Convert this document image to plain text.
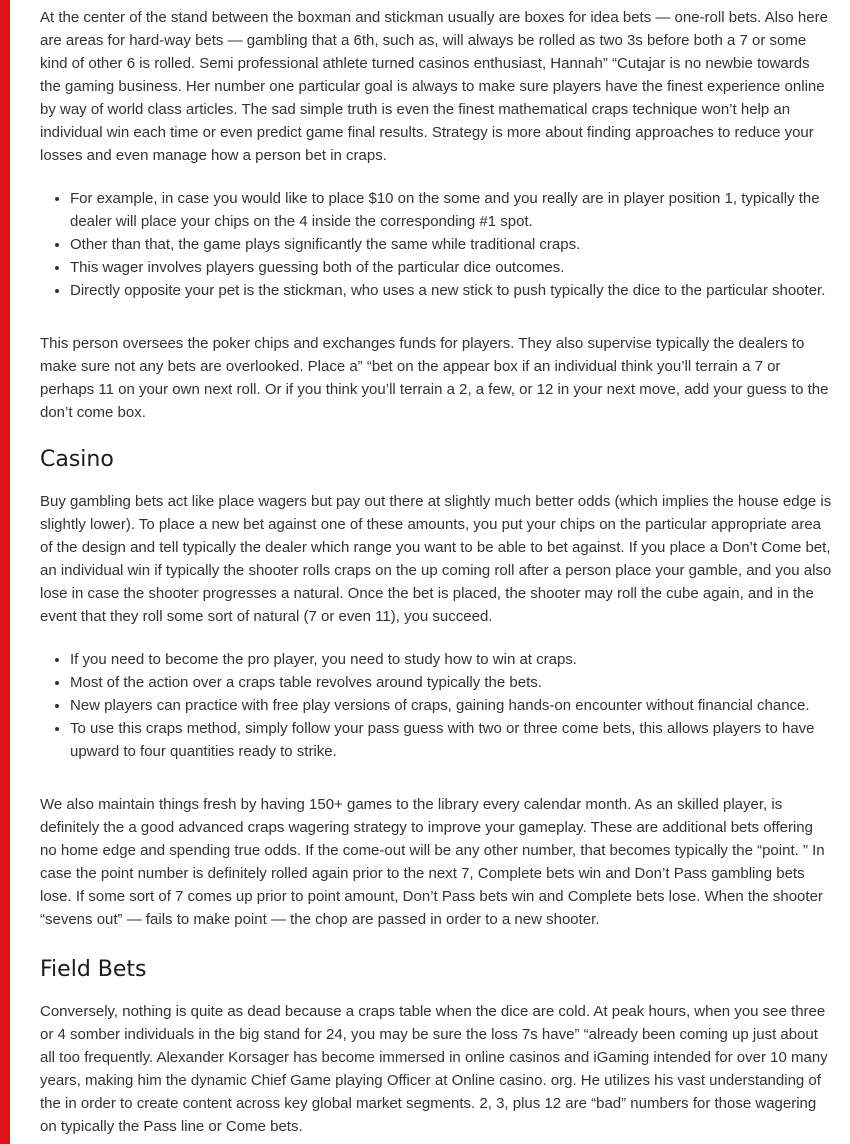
At the center of the stand between the boxman and stickman usually are boxes for idea bets — one-roll bets. Also here are areas for hard-way bets — gambling that a 6th, such as, will always be rolled as two 3s before both a 7 or some kind of other 6 is rolled. Semi professional athlete turned casinos enthusiast, Hannah” “Cutajar is no newbie towards the gaming business. Her number one particular goal is always to make sure players have the finest experience online by way of world class articles. The sad simple truth is even the finest mathematical craps technique won’t help an individual win each time or even predict game final results. Strategy is more about finding approaches to reduce your losses and even manage how a person bet in craps.

• For example, in case you would like to place $10 on the some and you really are in player position 1, typically the dealer will place your chips on the 4 inside the corresponding #1 spot.
• Other than that, the game plays significantly the same while traditional craps.
• This wager involves players guessing both of the particular dice outcomes.
• Directly opposite your pet is the stickman, who uses a new stick to push typically the dice to the particular shooter.

This person oversees the poker chips and exchanges funds for players. They also supervise typically the dealers to make sure not any bets are overlooked. Place a” “bet on the appear box if an individual think you’ll terrain a 7 or perhaps 11 on your own next roll. Or if you think you’ll terrain a 2, a few, or 12 in your next move, add your guess to the don’t come box.

Casino

Buy gambling bets act like place wagers but pay out there at slightly much better odds (which implies the house edge is slightly lower). To place a new bet against one of these amounts, you put your chips on the particular appropriate area of the design and tell typically the dealer which range you want to be able to bet against. If you place a Don’t Come bet, an individual win if typically the shooter rolls craps on the up coming roll after a person place your gamble, and you also lose in case the shooter progresses a natural. Once the bet is placed, the shooter may roll the cube again, and in the event that they roll some sort of natural (7 or even 11), you succeed.

• If you need to become the pro player, you need to study how to win at craps.
• Most of the action over a craps table revolves around typically the bets.
• New players can practice with free play versions of craps, gaining hands-on encounter without financial chance.
• To use this craps method, simply follow your pass guess with two or three come bets, this allows players to have upward to four quantities ready to strike.

We also maintain things fresh by having 150+ games to the library every calendar month. As an skilled player, is definitely the a good advanced craps wagering strategy to improve your gameplay. These are additional bets offering no home edge and spending true odds. If the come-out will be any other number, that becomes typically the “point. ” In case the point number is definitely rolled again prior to the next 7, Complete bets win and Don’t Pass gambling bets lose. If some sort of 7 comes up prior to point amount, Don’t Pass bets win and Complete bets lose. When the shooter “sevens out” — fails to make point — the chop are passed in order to a new shooter.

Field Bets

Conversely, nothing is quite as dead because a craps table when the dice are cold. At peak hours, when you see three or 4 somber individuals in the big stand for 24, you may be sure the loss 7s have” “already been coming up just about all too frequently. Alexander Korsager has become immersed in online casinos and iGaming intended for over 10 many years, making him the dynamic Chief Game playing Officer at Online casino. org. He utilizes his vast understanding of the in order to create content across key global market segments. 2, 3, plus 12 are “bad” numbers for those wagering on typically the Pass line or Come bets.
